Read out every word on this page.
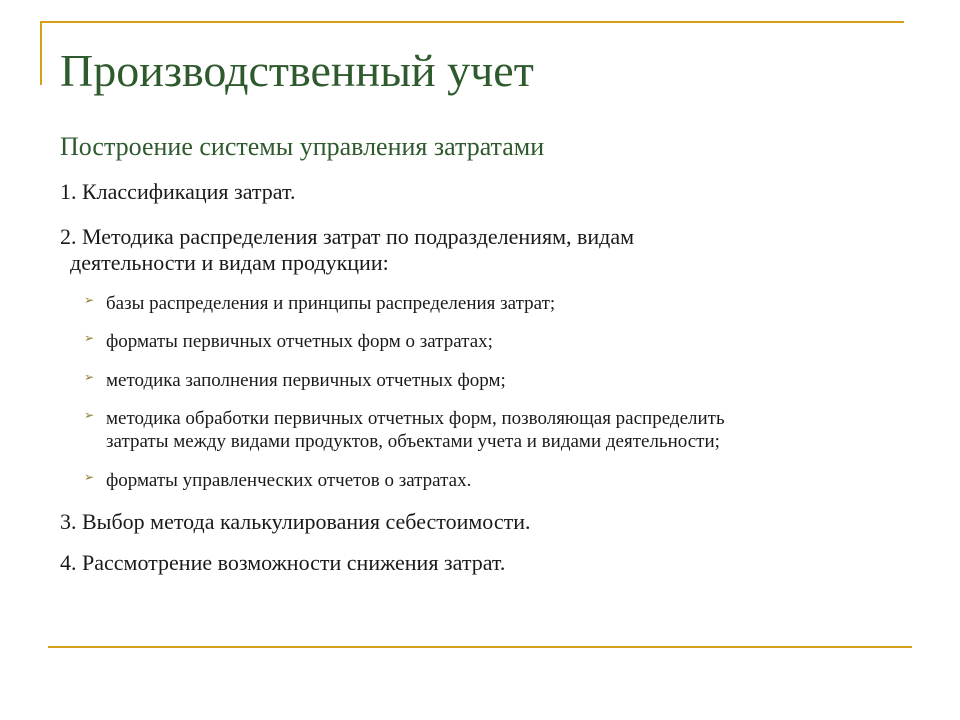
Производственный учет
Построение системы управления затратами

1. Классификация затрат.

2. Методика распределения затрат по подразделениям, видам
деятельности и видам продукции:
➢ базы распределения и принципы распределения затрат;
➢ форматы первичных отчетных форм о затратах;
➢ методика заполнения первичных отчетных форм;
➢ методика обработки первичных отчетных форм, позволяющая распределить
затраты между видами продуктов, объектами учета и видами деятельности;
➢ форматы управленческих отчетов о затратах.

3. Выбор метода калькулирования себестоимости.

4. Рассмотрение возможности снижения затрат.
